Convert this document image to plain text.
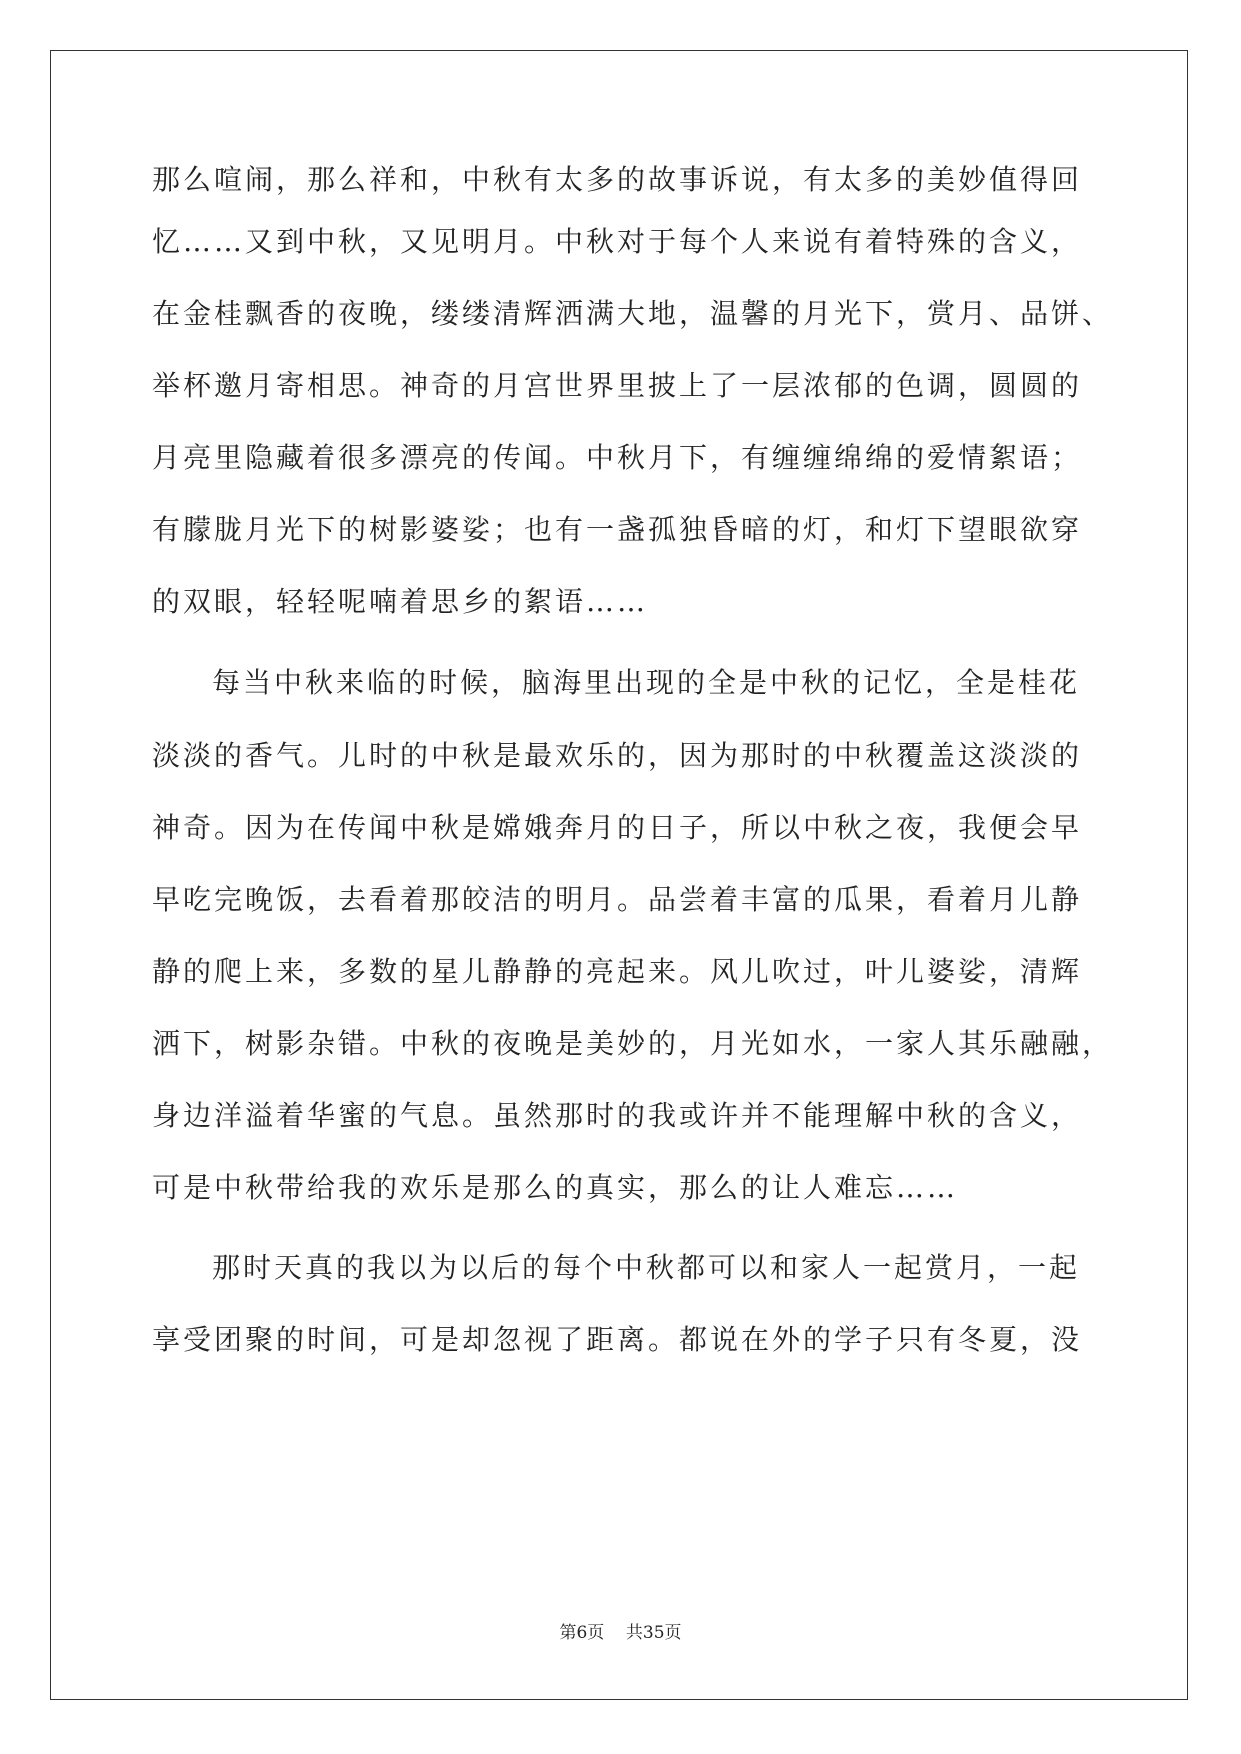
那么喧闹，那么祥和，中秋有太多的故事诉说，有太多的美妙值得回
忆……又到中秋，又见明月。中秋对于每个人来说有着特殊的含义，
在金桂飘香的夜晚，缕缕清辉洒满大地，温馨的月光下，赏月、品饼、
举杯邀月寄相思。神奇的月宫世界里披上了一层浓郁的色调，圆圆的
月亮里隐藏着很多漂亮的传闻。中秋月下，有缠缠绵绵的爱情絮语；
有朦胧月光下的树影婆娑；也有一盏孤独昏暗的灯，和灯下望眼欲穿
的双眼，轻轻呢喃着思乡的絮语……
每当中秋来临的时候，脑海里出现的全是中秋的记忆，全是桂花
淡淡的香气。儿时的中秋是最欢乐的，因为那时的中秋覆盖这淡淡的
神奇。因为在传闻中秋是嫦娥奔月的日子，所以中秋之夜，我便会早
早吃完晚饭，去看着那皎洁的明月。品尝着丰富的瓜果，看着月儿静
静的爬上来，多数的星儿静静的亮起来。风儿吹过，叶儿婆娑，清辉
洒下，树影杂错。中秋的夜晚是美妙的，月光如水，一家人其乐融融，
身边洋溢着华蜜的气息。虽然那时的我或许并不能理解中秋的含义，
可是中秋带给我的欢乐是那么的真实，那么的让人难忘……
那时天真的我以为以后的每个中秋都可以和家人一起赏月，一起
享受团聚的时间，可是却忽视了距离。都说在外的学子只有冬夏，没
第6页 共35页
